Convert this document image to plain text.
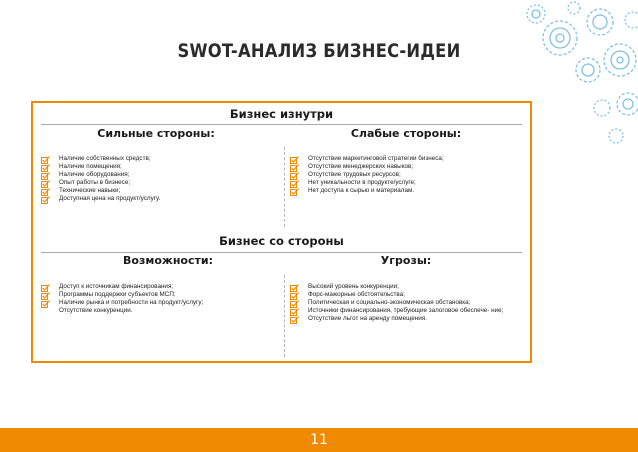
SWOT-АНАЛИЗ БИЗНЕС-ИДЕИ
Бизнес изнутри
Сильные стороны:	Слабые стороны:
Наличие собственных средств;
Наличие помещения;
Наличие оборудования;
Опыт работы в бизнесе;
Технические навыки;
Доступная цена на продукт/услугу.
Отсутствие маркетинговой стратегии бизнеса;
Отсутствие менеджерских навыков;
Отсутствие трудовых ресурсов;
Нет уникальности в продукте/услуге;
Нет доступа к сырью и материалам.
Бизнес со стороны
Возможности:	Угрозы:
Доступ к источникам финансирования;
Программы поддержки субъектов МСП;
Наличие рынка и потребности на продукт/услугу;
Отсутствие конкуренции.
Высокий уровень конкуренции;
Форс-мажорные обстоятельства;
Политическая и социально-экономическая обстановка;
Источники финансирования, требующие залоговое обеспече- ние;
Отсутствие льгот на аренду помещения.
11
